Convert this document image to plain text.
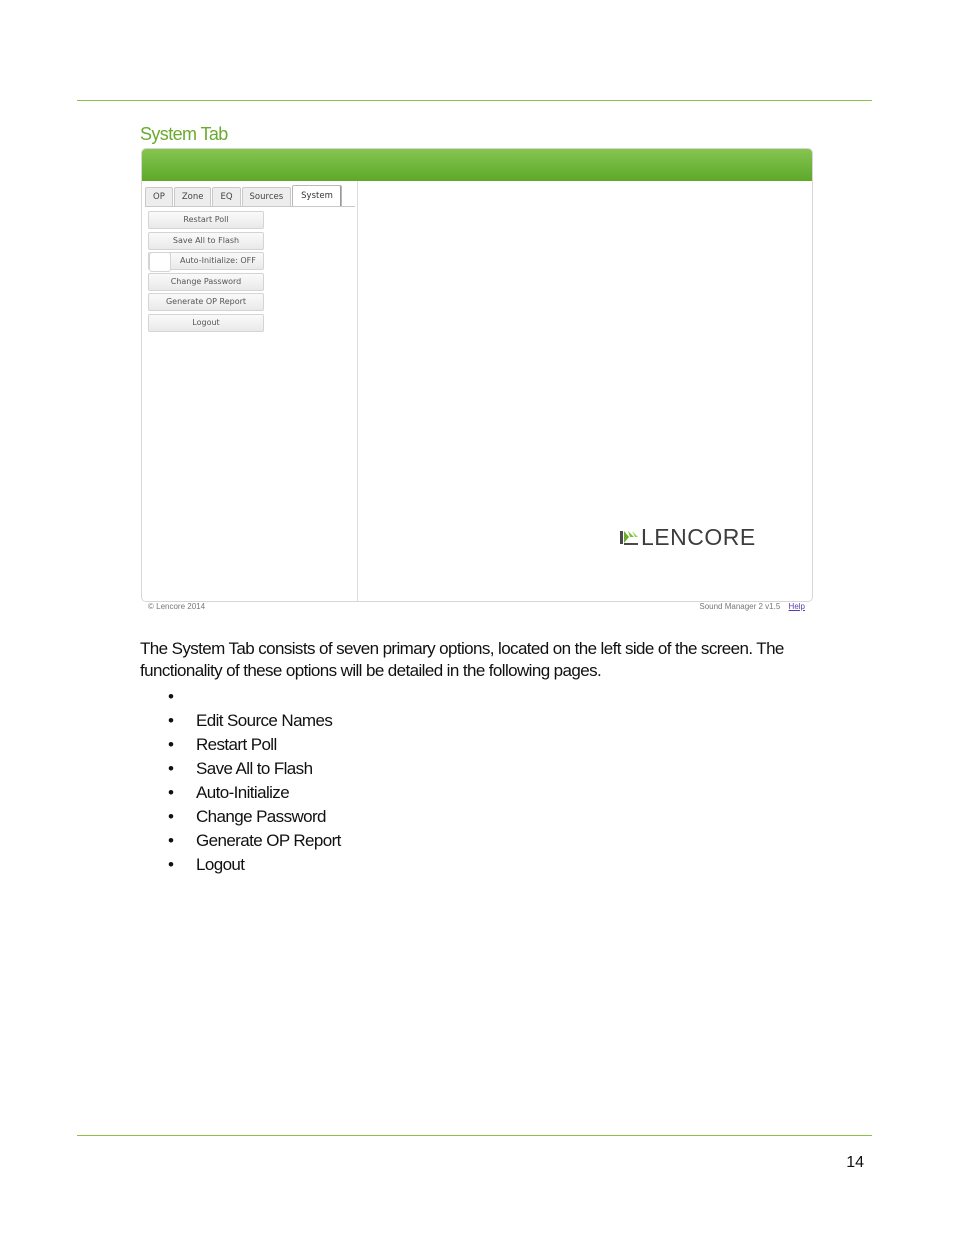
System Tab
OP	Zone	EQ	Sources	System
Restart Poll
Save All to Flash
Auto-Initialize: OFF
Change Password
Generate OP Report
Logout
LENCORE
© Lencore 2014	Sound Manager 2 v1.5 Help
The System Tab consists of seven primary options, located on the left side of the screen. The functionality of these options will be detailed in the following pages.
•
• Edit Source Names
• Restart Poll
• Save All to Flash
• Auto-Initialize
• Change Password
• Generate OP Report
• Logout
14
